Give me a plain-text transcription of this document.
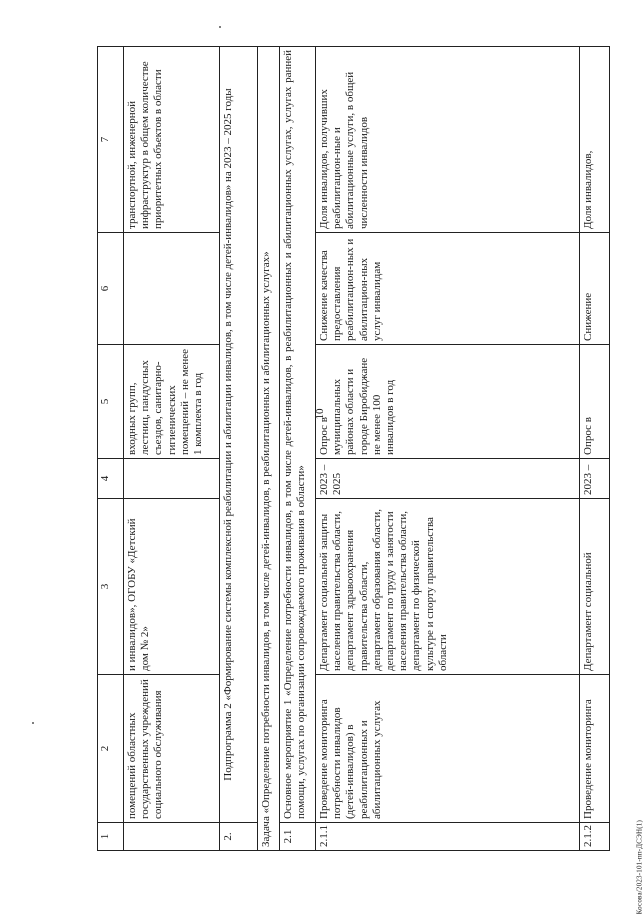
10
1	2	3	4	5	6	7
	помещений областных государственных учреждений социального обслуживания	и инвалидов», ОГОБУ «Детский дом № 2»		входных групп, лестниц, пандусных съездов, санитарно-гигиенических помещений – не менее 1 комплекта в год		транспортной, инженерной инфраструктур в общем количестве приоритетных объектов в области
2.	Подпрограмма 2 «Формирование системы комплексной реабилитации и абилитации инвалидов, в том числе детей-инвалидов» на 2023 – 2025 годы					
Задача «Определение потребности инвалидов, в том числе детей-инвалидов, в реабилитационных и абилитационных услугах»						
2.1	Основное мероприятие 1 «Определение потребности инвалидов, в том числе детей-инвалидов, в реабилитационных и абилитационных услугах, услугах ранней помощи, услугах по организации сопровождаемого проживания в области»					
2.1.1	Проведение мониторинга потребности инвалидов (детей-инвалидов) в реабилитационных и абилитационных услугах	Департамент социальной защиты населения правительства области, департамент здравоохранения правительства области, департамент образования области, департамент по труду и занятости населения правительства области, департамент по физической культуре и спорту правительства области	2023 – 2025	Опрос в муниципальных районах области и городе Биробиджане не менее 100 инвалидов в год	Снижение качества предоставления реабилитацион-ных и абилитацион-ных услуг инвалидам	Доля инвалидов, получивших реабилитацион-ные и абилитационные услуги, в общей численности инвалидов
2.1.2	Проведение мониторинга	Департамент социальной	2023 –	Опрос в	Снижение	Доля инвалидов,
Косова/2023-101-пп-ДСЭН(1)
